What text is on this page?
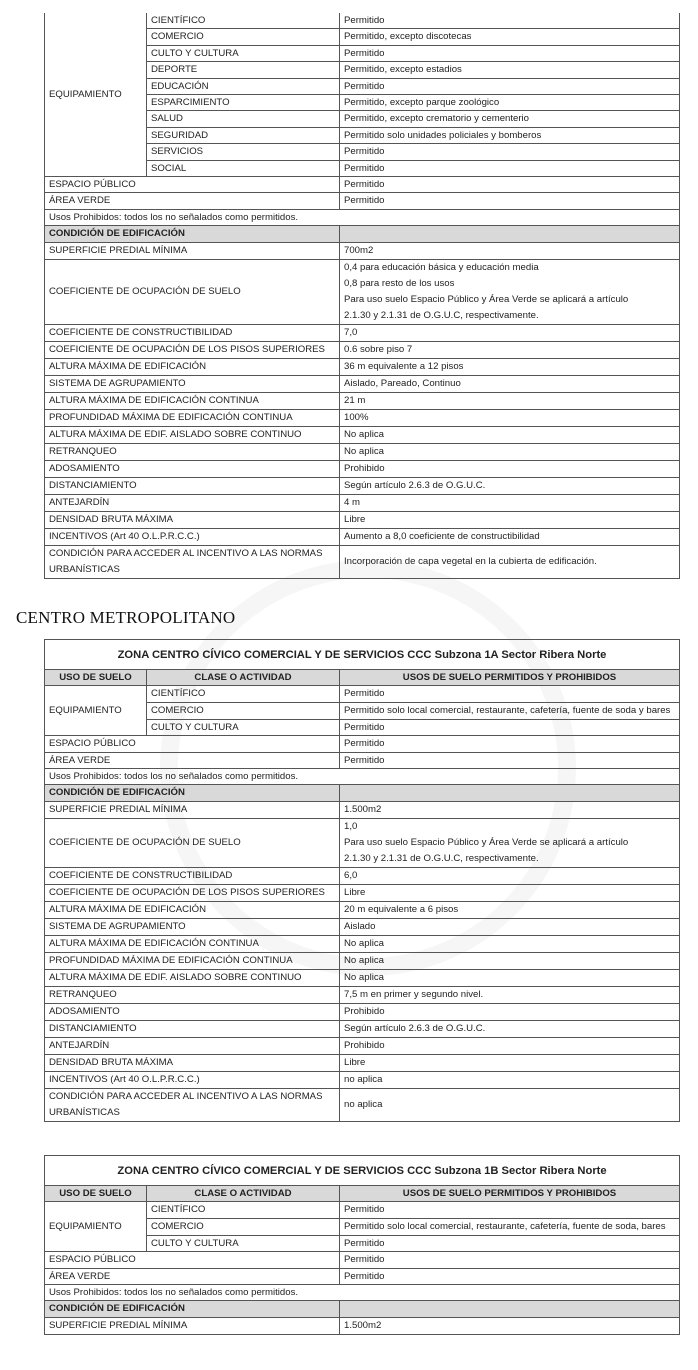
EQUIPAMIENTO	CIENTÍFICO	Permitido
	COMERCIO	Permitido, excepto discotecas
	CULTO Y CULTURA	Permitido
	DEPORTE	Permitido, excepto estadios
	EDUCACIÓN	Permitido
	ESPARCIMIENTO	Permitido, excepto parque zoológico
	SALUD	Permitido, excepto crematorio y cementerio
	SEGURIDAD	Permitido solo unidades policiales y bomberos
	SERVICIOS	Permitido
	SOCIAL	Permitido
ESPACIO PÚBLICO		Permitido
ÁREA VERDE		Permitido
Usos Prohibidos: todos los no señalados como permitidos.		
CONDICIÓN DE EDIFICACIÓN		
SUPERFICIE PREDIAL MÍNIMA		700m2
COEFICIENTE DE OCUPACIÓN DE SUELO		0,4 para educación básica y educación media
0,8 para resto de los usos
Para uso suelo Espacio Público y Área Verde se aplicará a artículo
2.1.30 y 2.1.31 de O.G.U.C, respectivamente.

COEFICIENTE DE CONSTRUCTIBILIDAD		7,0
COEFICIENTE DE OCUPACIÓN DE LOS PISOS SUPERIORES		0.6 sobre piso 7
ALTURA MÁXIMA DE EDIFICACIÓN		36 m equivalente a 12 pisos
SISTEMA DE AGRUPAMIENTO		Aislado, Pareado, Continuo
ALTURA MÁXIMA DE EDIFICACIÓN CONTINUA		21 m
PROFUNDIDAD MÁXIMA DE EDIFICACIÓN CONTINUA		100%
ALTURA MÁXIMA DE EDIF. AISLADO SOBRE CONTINUO		No aplica
RETRANQUEO		No aplica
ADOSAMIENTO		Prohibido
DISTANCIAMIENTO		Según artículo 2.6.3 de O.G.U.C.
ANTEJARDÍN		4 m
DENSIDAD BRUTA MÁXIMA		Libre
INCENTIVOS (Art 40 O.L.P.R.C.C.)		Aumento a 8,0 coeficiente de constructibilidad
CONDICIÓN PARA ACCEDER AL INCENTIVO A LAS NORMAS URBANÍSTICAS		Incorporación de capa vegetal en la cubierta de edificación.
CENTRO METROPOLITANO
ZONA CENTRO CÍVICO COMERCIAL Y DE SERVICIOS CCC Subzona 1A Sector Ribera Norte		
USO DE SUELO	CLASE O ACTIVIDAD	USOS DE SUELO PERMITIDOS Y PROHIBIDOS
EQUIPAMIENTO	CIENTÍFICO	Permitido
	COMERCIO	Permitido solo local comercial, restaurante, cafetería, fuente de soda y bares
	CULTO Y CULTURA	Permitido
ESPACIO PÚBLICO		Permitido
ÁREA VERDE		Permitido
Usos Prohibidos: todos los no señalados como permitidos.		
CONDICIÓN DE EDIFICACIÓN		
SUPERFICIE PREDIAL MÍNIMA		1.500m2
COEFICIENTE DE OCUPACIÓN DE SUELO		1,0
Para uso suelo Espacio Público y Área Verde se aplicará a artículo
2.1.30 y 2.1.31 de O.G.U.C, respectivamente.

COEFICIENTE DE CONSTRUCTIBILIDAD		6,0
COEFICIENTE DE OCUPACIÓN DE LOS PISOS SUPERIORES		Libre
ALTURA MÁXIMA DE EDIFICACIÓN		20 m equivalente a 6 pisos
SISTEMA DE AGRUPAMIENTO		Aislado
ALTURA MÁXIMA DE EDIFICACIÓN CONTINUA		No aplica
PROFUNDIDAD MÁXIMA DE EDIFICACIÓN CONTINUA		No aplica
ALTURA MÁXIMA DE EDIF. AISLADO SOBRE CONTINUO		No aplica
RETRANQUEO		7,5 m en primer y segundo nivel.
ADOSAMIENTO		Prohibido
DISTANCIAMIENTO		Según artículo 2.6.3 de O.G.U.C.
ANTEJARDÍN		Prohibido
DENSIDAD BRUTA MÁXIMA		Libre
INCENTIVOS (Art 40 O.L.P.R.C.C.)		no aplica
CONDICIÓN PARA ACCEDER AL INCENTIVO A LAS NORMAS URBANÍSTICAS		no aplica
ZONA CENTRO CÍVICO COMERCIAL Y DE SERVICIOS CCC Subzona 1B Sector Ribera Norte		
USO DE SUELO	CLASE O ACTIVIDAD	USOS DE SUELO PERMITIDOS Y PROHIBIDOS
EQUIPAMIENTO	CIENTÍFICO	Permitido
	COMERCIO	Permitido solo local comercial, restaurante, cafetería, fuente de soda, bares
	CULTO Y CULTURA	Permitido
ESPACIO PÚBLICO		Permitido
ÁREA VERDE		Permitido
Usos Prohibidos: todos los no señalados como permitidos.		
CONDICIÓN DE EDIFICACIÓN		
SUPERFICIE PREDIAL MÍNIMA		1.500m2
